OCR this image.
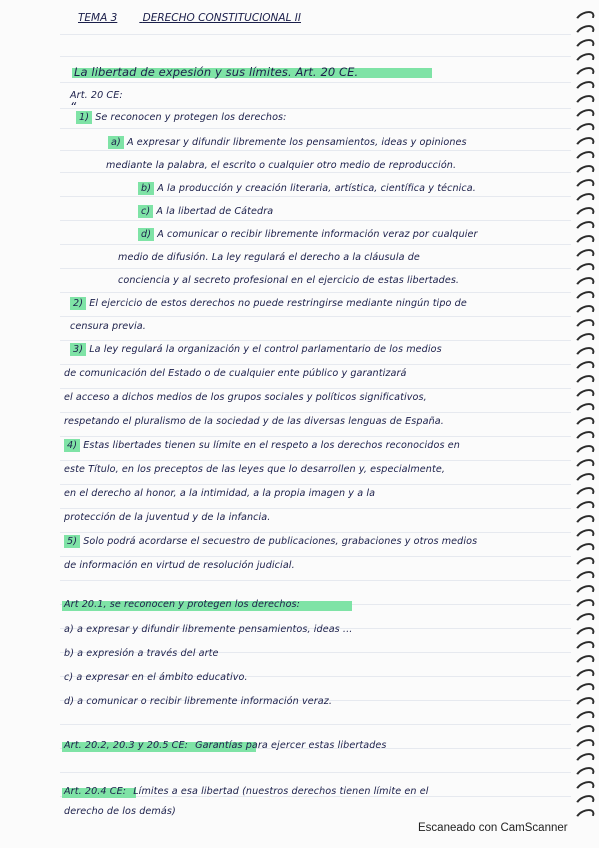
TEMA 3 DERECHO CONSTITUCIONAL II
La libertad de expesión y sus límites. Art. 20 CE.
Art. 20 CE:
“
1) Se reconocen y protegen los derechos:
a) A expresar y difundir libremente los pensamientos, ideas y opiniones
mediante la palabra, el escrito o cualquier otro medio de reproducción.
b) A la producción y creación literaria, artística, científica y técnica.
c) A la libertad de Cátedra
d) A comunicar o recibir libremente información veraz por cualquier
medio de difusión. La ley regulará el derecho a la cláusula de
conciencia y al secreto profesional en el ejercicio de estas libertades.
2) El ejercicio de estos derechos no puede restringirse mediante ningún tipo de
censura previa.
3) La ley regulará la organización y el control parlamentario de los medios
de comunicación del Estado o de cualquier ente público y garantizará
el acceso a dichos medios de los grupos sociales y políticos significativos,
respetando el pluralismo de la sociedad y de las diversas lenguas de España.
4) Estas libertades tienen su límite en el respeto a los derechos reconocidos en
este Título, en los preceptos de las leyes que lo desarrollen y, especialmente,
en el derecho al honor, a la intimidad, a la propia imagen y a la
protección de la juventud y de la infancia.
5) Solo podrá acordarse el secuestro de publicaciones, grabaciones y otros medios
de información en virtud de resolución judicial.
Art 20.1, se reconocen y protegen los derechos:
a) a expresar y difundir libremente pensamientos, ideas ...
b) a expresión a través del arte
c) a expresar en el ámbito educativo.
d) a comunicar o recibir libremente información veraz.
Art. 20.2, 20.3 y 20.5 CE: Garantías para ejercer estas libertades
Art. 20.4 CE: Límites a esa libertad (nuestros derechos tienen límite en el
derecho de los demás)
Escaneado con CamScanner
